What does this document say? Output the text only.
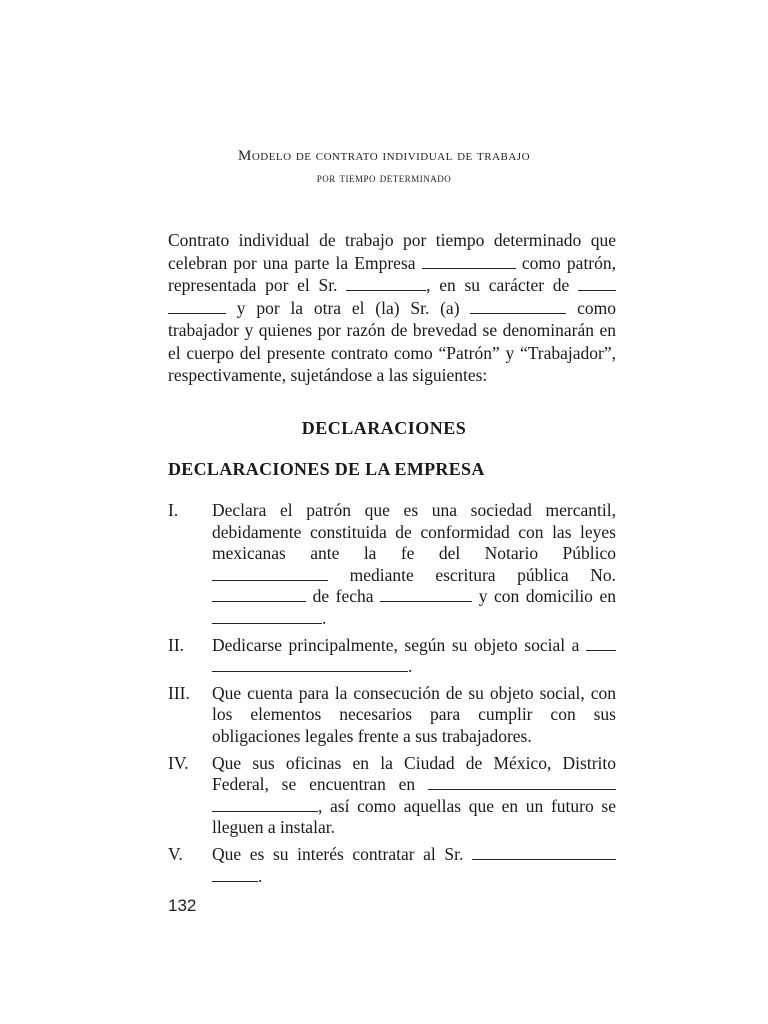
Modelo de contrato individual de trabajo
por tiempo determinado

Contrato individual de trabajo por tiempo determinado que celebran por una parte la Empresa	como patrón, representada por el Sr.	, en su carácter de   y por la otra el (la) Sr. (a)	como trabajador y quienes por razón de brevedad se denominarán en el cuerpo del presente contrato como “Patrón” y “Trabajador”, respectivamente, sujetándose a las siguientes:

DECLARACIONES
DECLARACIONES DE LA EMPRESA
I.	Declara el patrón que es una sociedad mercantil, debidamente constituida de conformidad con las leyes mexicanas ante la fe del Notario Público  mediante escritura pública No.  de fecha	y con domicilio en .
II.	Dedicarse principalmente, según su objeto social a  .
III.	Que cuenta para la consecución de su objeto social, con los elementos necesarios para cumplir con sus obligaciones legales frente a sus trabajadores.
IV.	Que sus oficinas en la Ciudad de México, Distrito Federal, se encuentran en  , así como aquellas que en un futuro se lleguen a instalar.
V.	Que es su interés contratar al Sr.  .
132
